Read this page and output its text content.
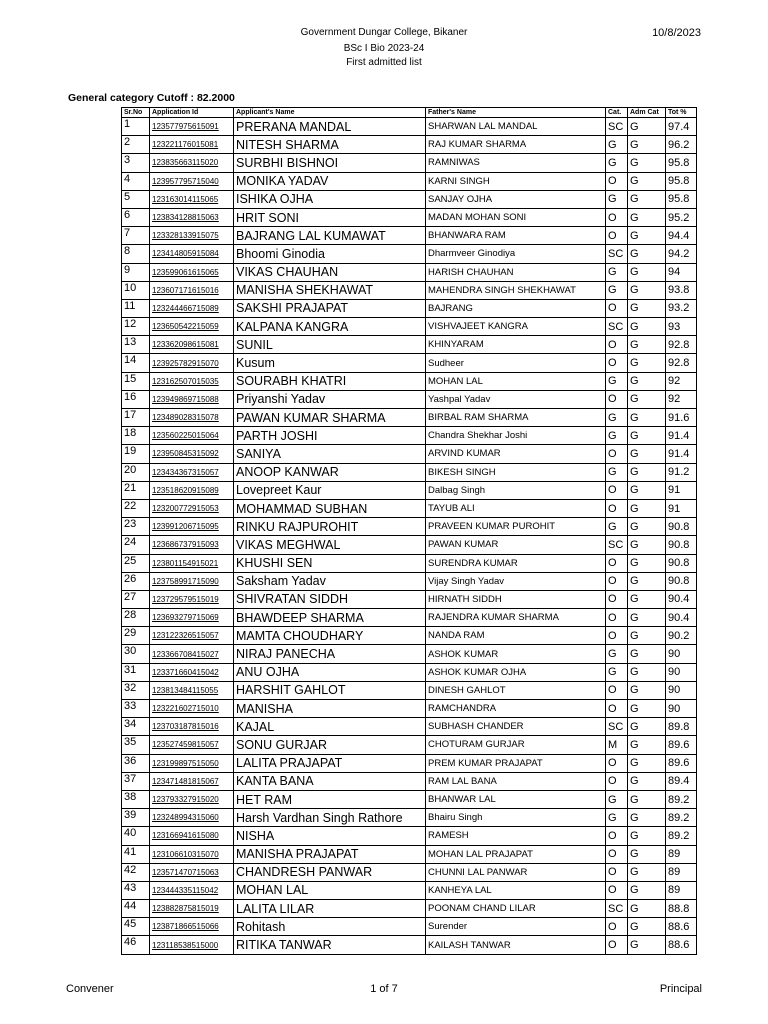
Government Dungar College, Bikaner
BSc I Bio 2023-24
First admitted list
10/8/2023
General category Cutoff : 82.2000
Sr.No	Application Id	Applicant's Name	Father's Name	Cat.	Adm Cat	Tot %
1	123577975615091	PRERANA MANDAL	SHARWAN LAL MANDAL	SC	G	97.4
2	123221176015081	NITESH SHARMA	RAJ KUMAR SHARMA	G	G	96.2
3	123835663115020	SURBHI BISHNOI	RAMNIWAS	G	G	95.8
4	123957795715040	MONIKA YADAV	KARNI SINGH	O	G	95.8
5	123163014115065	ISHIKA OJHA	SANJAY OJHA	G	G	95.8
6	123834128815063	HRIT SONI	MADAN MOHAN SONI	O	G	95.2
7	123328133915075	BAJRANG LAL KUMAWAT	BHANWARA RAM	O	G	94.4
8	123414805915084	Bhoomi Ginodia	Dharmveer Ginodiya	SC	G	94.2
9	123599061615065	VIKAS CHAUHAN	HARISH CHAUHAN	G	G	94
10	123607171615016	MANISHA SHEKHAWAT	MAHENDRA SINGH SHEKHAWAT	G	G	93.8
11	123244466715089	SAKSHI PRAJAPAT	BAJRANG	O	G	93.2
12	123650542215059	KALPANA KANGRA	VISHVAJEET KANGRA	SC	G	93
13	123362098615081	SUNIL	KHINYARAM	O	G	92.8
14	123925782915070	Kusum	Sudheer	O	G	92.8
15	123162507015035	SOURABH KHATRI	MOHAN LAL	G	G	92
16	123949869715088	Priyanshi Yadav	Yashpal Yadav	O	G	92
17	123489028315078	PAWAN KUMAR SHARMA	BIRBAL RAM SHARMA	G	G	91.6
18	123560225015064	PARTH JOSHI	Chandra Shekhar Joshi	G	G	91.4
19	123950845315092	SANIYA	ARVIND KUMAR	O	G	91.4
20	123434367315057	ANOOP KANWAR	BIKESH SINGH	G	G	91.2
21	123518620915089	Lovepreet Kaur	Dalbag Singh	O	G	91
22	123200772915053	MOHAMMAD SUBHAN	TAYUB ALI	O	G	91
23	123991206715095	RINKU RAJPUROHIT	PRAVEEN KUMAR PUROHIT	G	G	90.8
24	123686737915093	VIKAS MEGHWAL	PAWAN KUMAR	SC	G	90.8
25	123801154915021	KHUSHI SEN	SURENDRA KUMAR	O	G	90.8
26	123758991715090	Saksham Yadav	Vijay Singh Yadav	O	G	90.8
27	123729579515019	SHIVRATAN SIDDH	HIRNATH SIDDH	O	G	90.4
28	123693279715069	BHAWDEEP SHARMA	RAJENDRA KUMAR SHARMA	O	G	90.4
29	123122326515057	MAMTA CHOUDHARY	NANDA RAM	O	G	90.2
30	123366708415027	NIRAJ PANECHA	ASHOK KUMAR	G	G	90
31	123371660415042	ANU OJHA	ASHOK KUMAR OJHA	G	G	90
32	123813484115055	HARSHIT GAHLOT	DINESH GAHLOT	O	G	90
33	123221602715010	MANISHA	RAMCHANDRA	O	G	90
34	123703187815016	KAJAL	SUBHASH CHANDER	SC	G	89.8
35	123527459815057	SONU GURJAR	CHOTURAM GURJAR	M	G	89.6
36	123199897515050	LALITA PRAJAPAT	PREM KUMAR PRAJAPAT	O	G	89.6
37	123471481815067	KANTA BANA	RAM LAL BANA	O	G	89.4
38	123793327915020	HET RAM	BHANWAR LAL	G	G	89.2
39	123248994315060	Harsh Vardhan Singh Rathore	Bhairu Singh	G	G	89.2
40	123166941615080	NISHA	RAMESH	O	G	89.2
41	123106610315070	MANISHA PRAJAPAT	MOHAN LAL PRAJAPAT	O	G	89
42	123571470715063	CHANDRESH PANWAR	CHUNNI LAL PANWAR	O	G	89
43	123444335115042	MOHAN LAL	KANHEYA LAL	O	G	89
44	123882875815019	LALITA LILAR	POONAM CHAND LILAR	SC	G	88.8
45	123871866515066	Rohitash	Surender	O	G	88.6
46	123118538515000	RITIKA TANWAR	KAILASH TANWAR	O	G	88.6
Convener	1 of 7	Principal
